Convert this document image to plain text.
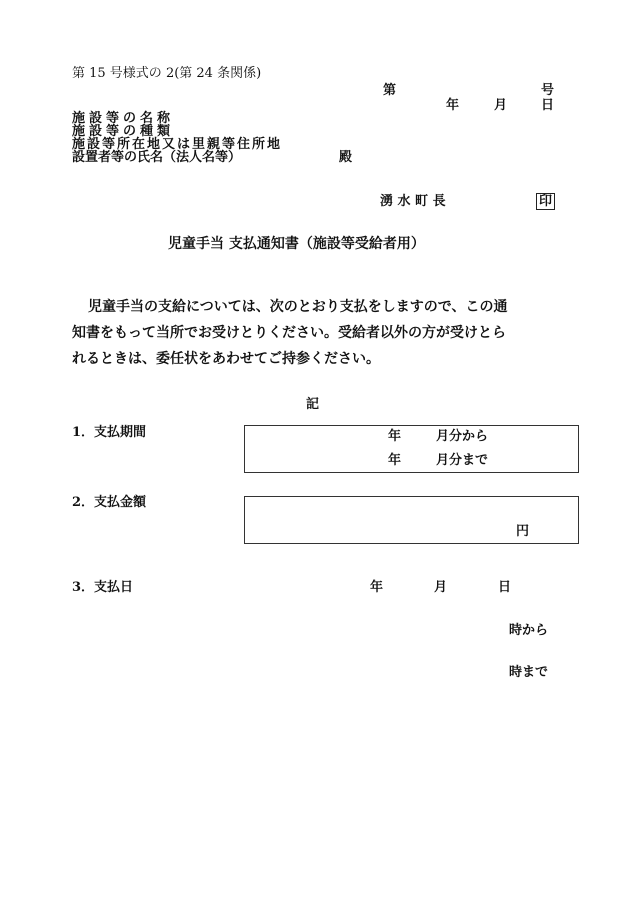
第 15 号様式の 2(第 24 条関係)
第	号
年	月	日
施設等の名称
施設等の種類
施設等所在地又は里親等住所地
設置者等の氏名（法人名等）	殿
湧 水 町 長	印
児童手当 支払通知書（施設等受給者用）
児童手当の支給については、次のとおり支払をしますので、この通
知書をもって当所でお受けとりください。受給者以外の方が受けとら
れるときは、委任状をあわせてご持参ください。
記
1．支払期間	年	月分から
年	月分まで
2．支払金額
円
3．支払日	年	月	日
時から
時まで
